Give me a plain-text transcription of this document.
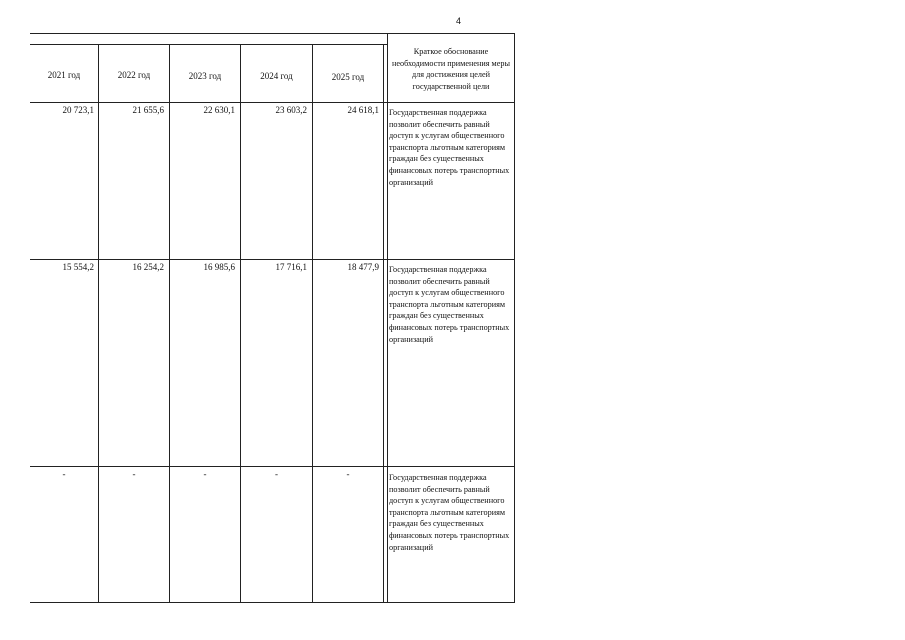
4
2021 год	2022 год	2023 год	2024 год	2025 год
Краткое обоснование необходимости применения меры для достижения целей государственной цели
20 723,1	21 655,6	22 630,1	23 603,2	24 618,1 Государственная поддержка позволит обеспечить равный доступ к услугам общественного транспорта льготным категориям граждан без существенных финансовых потерь транспортных организаций
15 554,2	16 254,2	16 985,6	17 716,1	18 477,9 Государственная поддержка позволит обеспечить равный доступ к услугам общественного транспорта льготным категориям граждан без существенных финансовых потерь транспортных организаций
-	-	-	-	-	Государственная поддержка позволит обеспечить равный доступ к услугам общественного транспорта льготным категориям граждан без существенных финансовых потерь транспортных организаций
